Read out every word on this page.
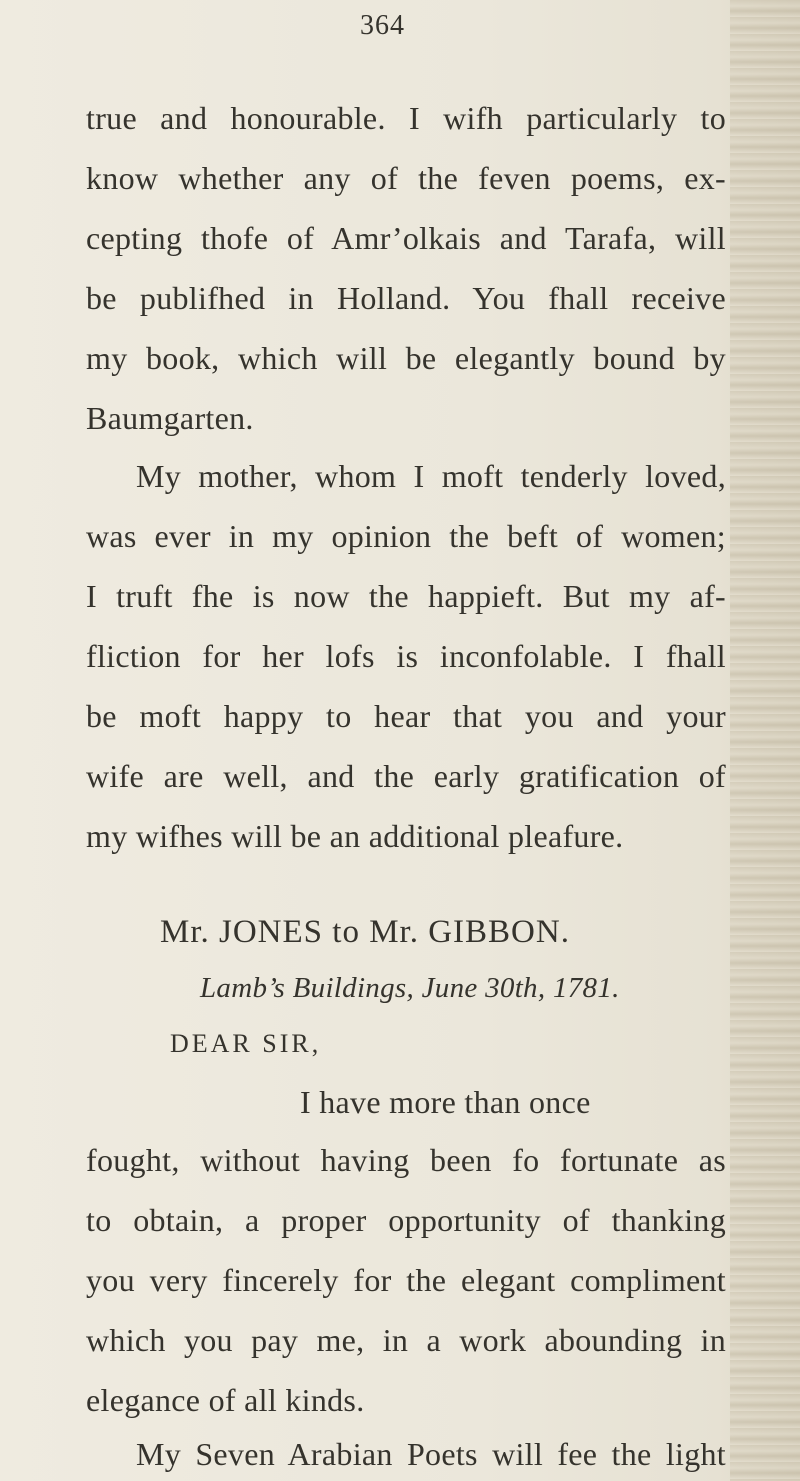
364
true and honourable. I wifh particularly to
know whether any of the feven poems, ex-
cepting thofe of Amr’olkais and Tarafa, will
be publifhed in Holland. You fhall receive
my book, which will be elegantly bound by
Baumgarten.
My mother, whom I moft tenderly loved,
was ever in my opinion the beft of women;
I truft fhe is now the happieft. But my af-
fliction for her lofs is inconfolable. I fhall
be moft happy to hear that you and your
wife are well, and the early gratification of
my wifhes will be an additional pleafure.
Mr. JONES to Mr. GIBBON.
Lamb’s Buildings, June 30th, 1781.
DEAR SIR,
I have more than once
fought, without having been fo fortunate as
to obtain, a proper opportunity of thanking
you very fincerely for the elegant compliment
which you pay me, in a work abounding in
elegance of all kinds.
My Seven Arabian Poets will fee the light
